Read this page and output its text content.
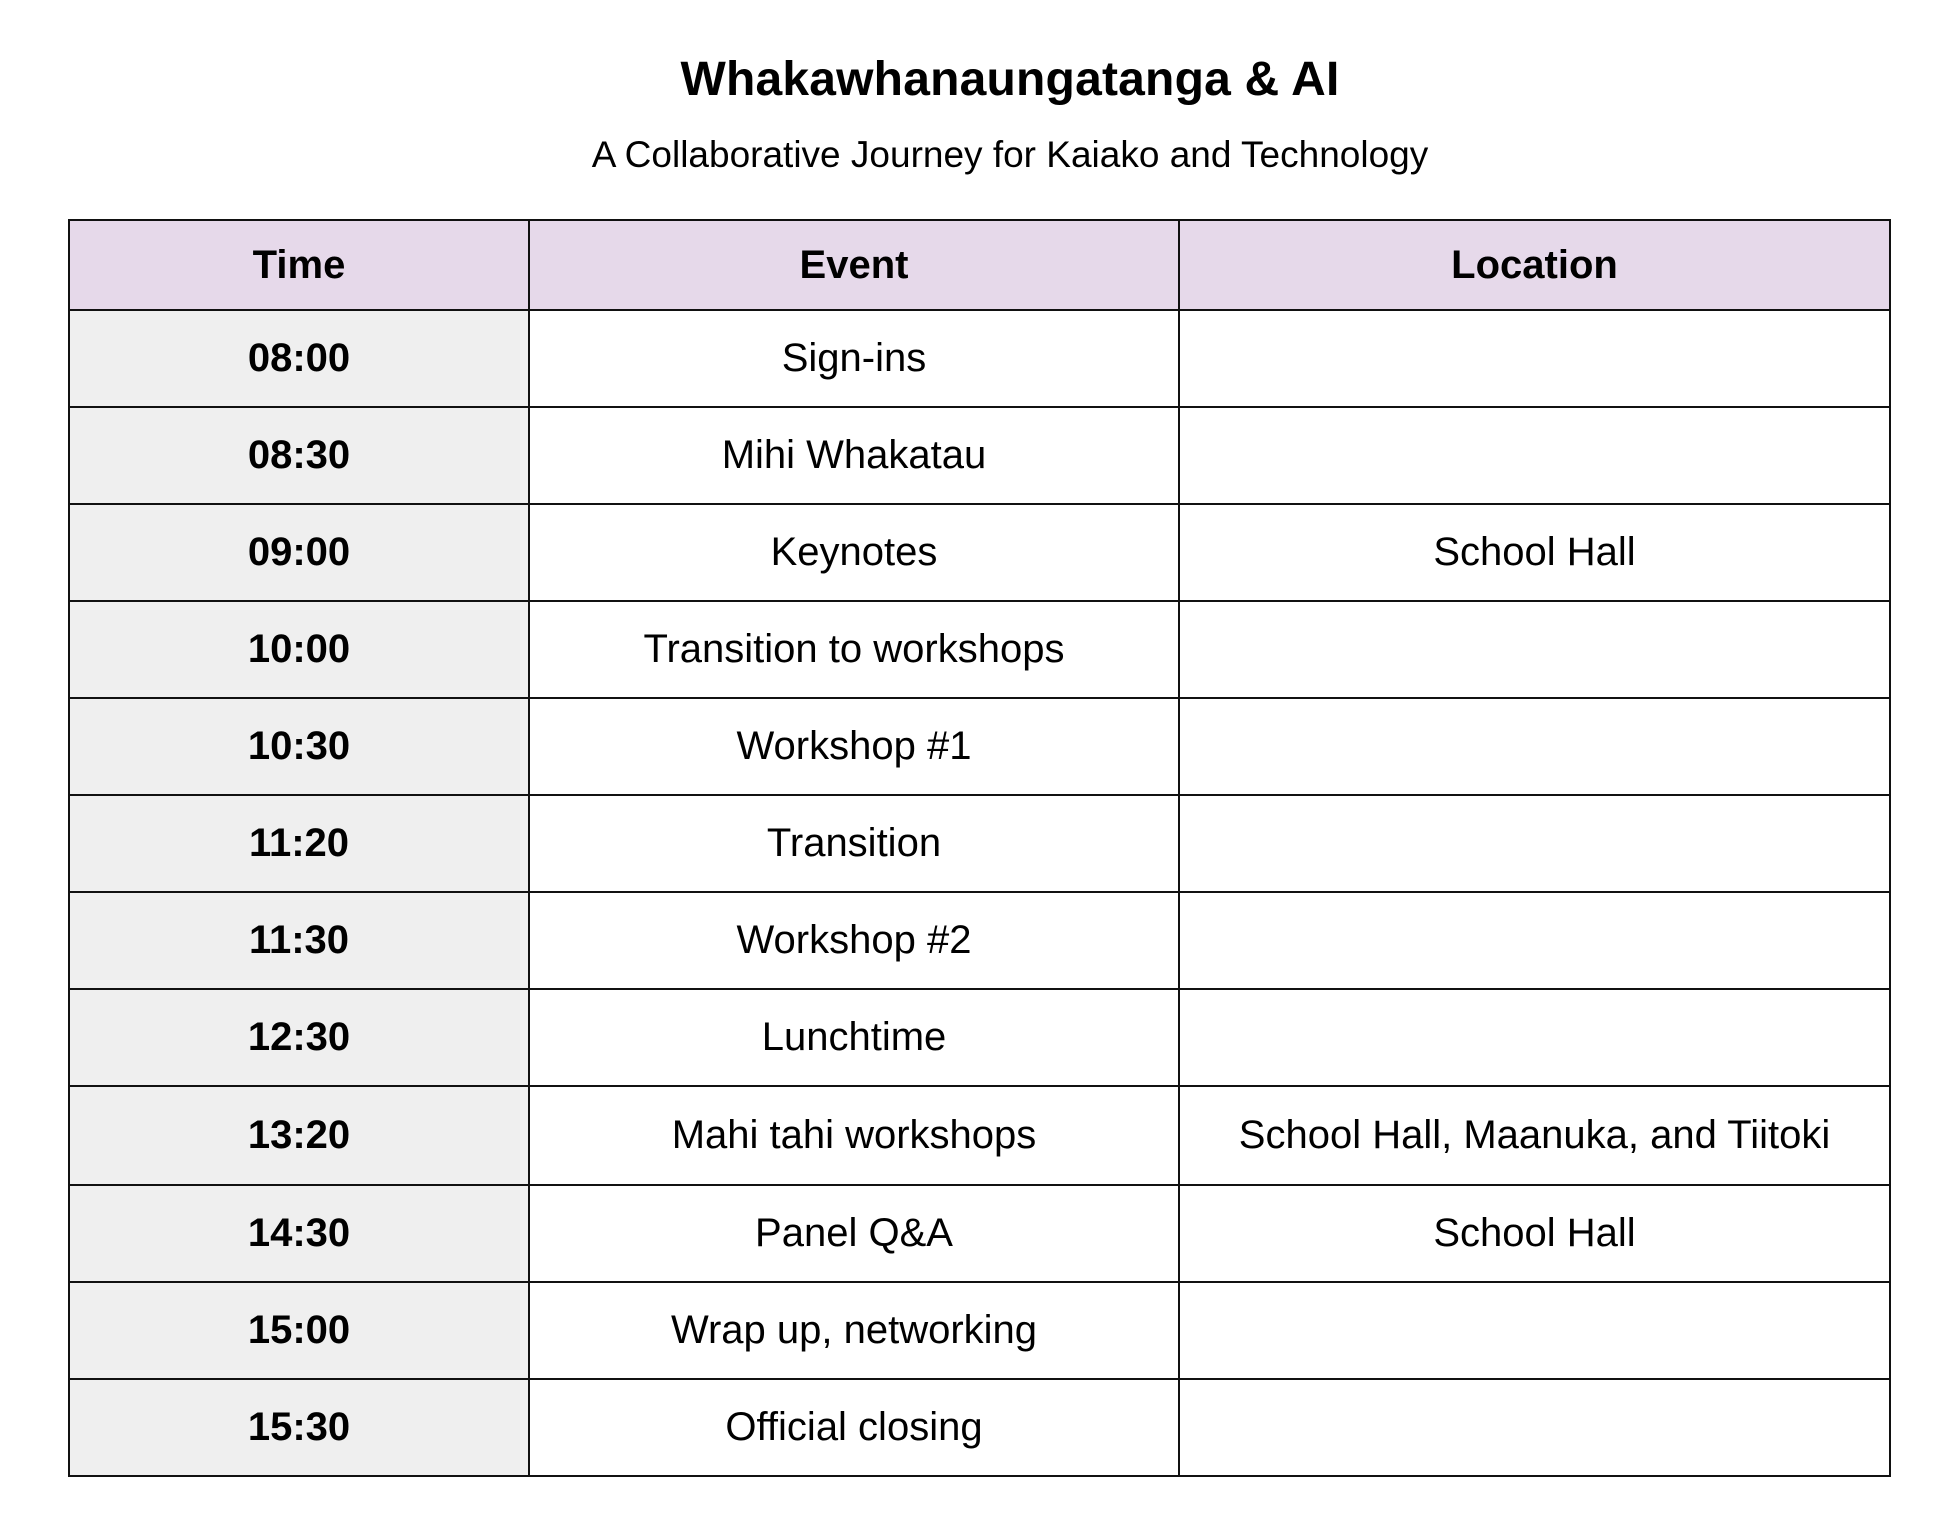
Whakawhanaungatanga & AI
A Collaborative Journey for Kaiako and Technology
Time	Event	Location
08:00	Sign-ins	
08:30	Mihi Whakatau	
09:00	Keynotes	School Hall
10:00	Transition to workshops	
10:30	Workshop #1	
11:20	Transition	
11:30	Workshop #2	
12:30	Lunchtime	
13:20	Mahi tahi workshops	School Hall, Maanuka, and Tiitoki
14:30	Panel Q&A	School Hall
15:00	Wrap up, networking	
15:30	Official closing	
